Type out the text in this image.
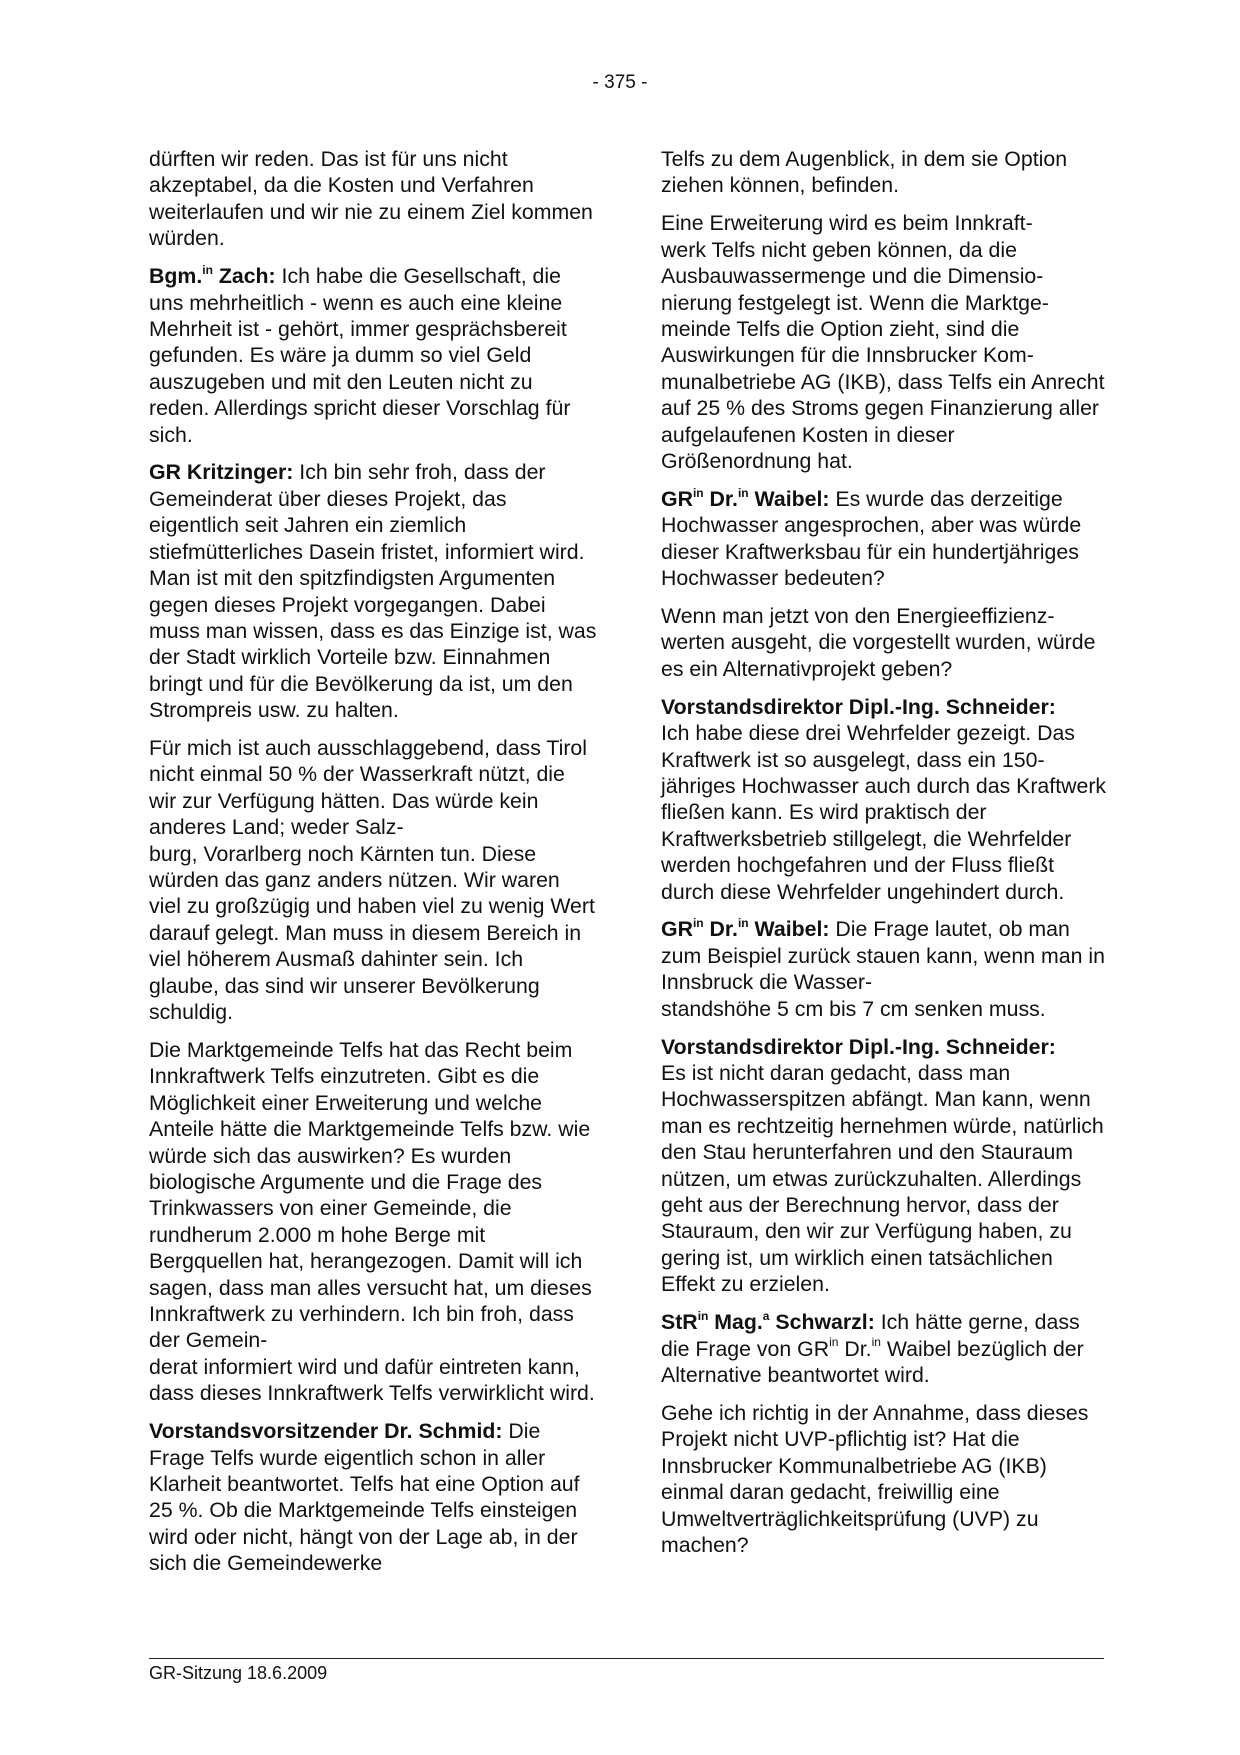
- 375 -

dürften wir reden. Das ist für uns nicht akzeptabel, da die Kosten und Verfahren weiterlaufen und wir nie zu einem Ziel kommen würden.

Bgm.$^{in}$ Zach: Ich habe die Gesellschaft, die uns mehrheitlich - wenn es auch eine kleine Mehrheit ist - gehört, immer gesprächsbereit gefunden. Es wäre ja dumm so viel Geld auszugeben und mit den Leuten nicht zu reden. Allerdings spricht dieser Vorschlag für sich.

GR Kritzinger: Ich bin sehr froh, dass der Gemeinderat über dieses Projekt, das eigentlich seit Jahren ein ziemlich stiefmütterliches Dasein fristet, informiert wird. Man ist mit den spitzfindigsten Argumenten gegen dieses Projekt vorgegangen. Dabei muss man wissen, dass es das Einzige ist, was der Stadt wirklich Vorteile bzw. Einnahmen bringt und für die Bevölkerung da ist, um den Strompreis usw. zu halten.

Für mich ist auch ausschlaggebend, dass Tirol nicht einmal 50 % der Wasserkraft nützt, die wir zur Verfügung hätten. Das würde kein anderes Land; weder Salz-
burg, Vorarlberg noch Kärnten tun. Diese würden das ganz anders nützen. Wir waren viel zu großzügig und haben viel zu wenig Wert darauf gelegt. Man muss in diesem Bereich in viel höherem Ausmaß dahinter sein. Ich glaube, das sind wir unserer Bevölkerung schuldig.

Die Marktgemeinde Telfs hat das Recht beim Innkraftwerk Telfs einzutreten. Gibt es die Möglichkeit einer Erweiterung und welche Anteile hätte die Marktgemeinde Telfs bzw. wie würde sich das auswirken? Es wurden biologische Argumente und die Frage des Trinkwassers von einer Gemeinde, die rundherum 2.000 m hohe Berge mit Bergquellen hat, herangezogen. Damit will ich sagen, dass man alles versucht hat, um dieses Innkraftwerk zu verhindern. Ich bin froh, dass der Gemein-
derat informiert wird und dafür eintreten kann, dass dieses Innkraftwerk Telfs verwirklicht wird.

Vorstandsvorsitzender Dr. Schmid: Die Frage Telfs wurde eigentlich schon in aller Klarheit beantwortet. Telfs hat eine Option auf 25 %. Ob die Marktgemeinde Telfs einsteigen wird oder nicht, hängt von der Lage ab, in der sich die Gemeindewerke

Telfs zu dem Augenblick, in dem sie Option ziehen können, befinden.

Eine Erweiterung wird es beim Innkraft-
werk Telfs nicht geben können, da die Ausbauwassermenge und die Dimensio-
nierung festgelegt ist. Wenn die Marktge-
meinde Telfs die Option zieht, sind die Auswirkungen für die Innsbrucker Kom-
munalbetriebe AG (IKB), dass Telfs ein Anrecht auf 25 % des Stroms gegen Finanzierung aller aufgelaufenen Kosten in dieser Größenordnung hat.

$GR^{in}$ Dr.$^{in}$ Waibel: Es wurde das derzeitige Hochwasser angesprochen, aber was würde dieser Kraftwerksbau für ein hundertjähriges Hochwasser bedeuten?

Wenn man jetzt von den Energieeffizienz-
werten ausgeht, die vorgestellt wurden, würde es ein Alternativprojekt geben?

Vorstandsdirektor Dipl.-Ing. Schneider:
Ich habe diese drei Wehrfelder gezeigt. Das Kraftwerk ist so ausgelegt, dass ein 150-jähriges Hochwasser auch durch das Kraftwerk fließen kann. Es wird praktisch der Kraftwerksbetrieb stillgelegt, die Wehrfelder werden hochgefahren und der Fluss fließt durch diese Wehrfelder ungehindert durch.

$GR^{in}$ Dr.$^{in}$ Waibel: Die Frage lautet, ob man zum Beispiel zurück stauen kann, wenn man in Innsbruck die Wasser-
standshöhe 5 cm bis 7 cm senken muss.

Vorstandsdirektor Dipl.-Ing. Schneider:
Es ist nicht daran gedacht, dass man Hochwasserspitzen abfängt. Man kann, wenn man es rechtzeitig hernehmen würde, natürlich den Stau herunterfahren und den Stauraum nützen, um etwas zurückzuhalten. Allerdings geht aus der Berechnung hervor, dass der Stauraum, den wir zur Verfügung haben, zu gering ist, um wirklich einen tatsächlichen Effekt zu erzielen.

StR$^{in}$ Mag.$^a$ Schwarzl: Ich hätte gerne, dass die Frage von $GR^{in}$ Dr.$^{in}$ Waibel bezüglich der Alternative beantwortet wird.

Gehe ich richtig in der Annahme, dass dieses Projekt nicht UVP-pflichtig ist? Hat die Innsbrucker Kommunalbetriebe AG (IKB) einmal daran gedacht, freiwillig eine Umweltverträglichkeitsprüfung (UVP) zu machen?

GR-Sitzung 18.6.2009
